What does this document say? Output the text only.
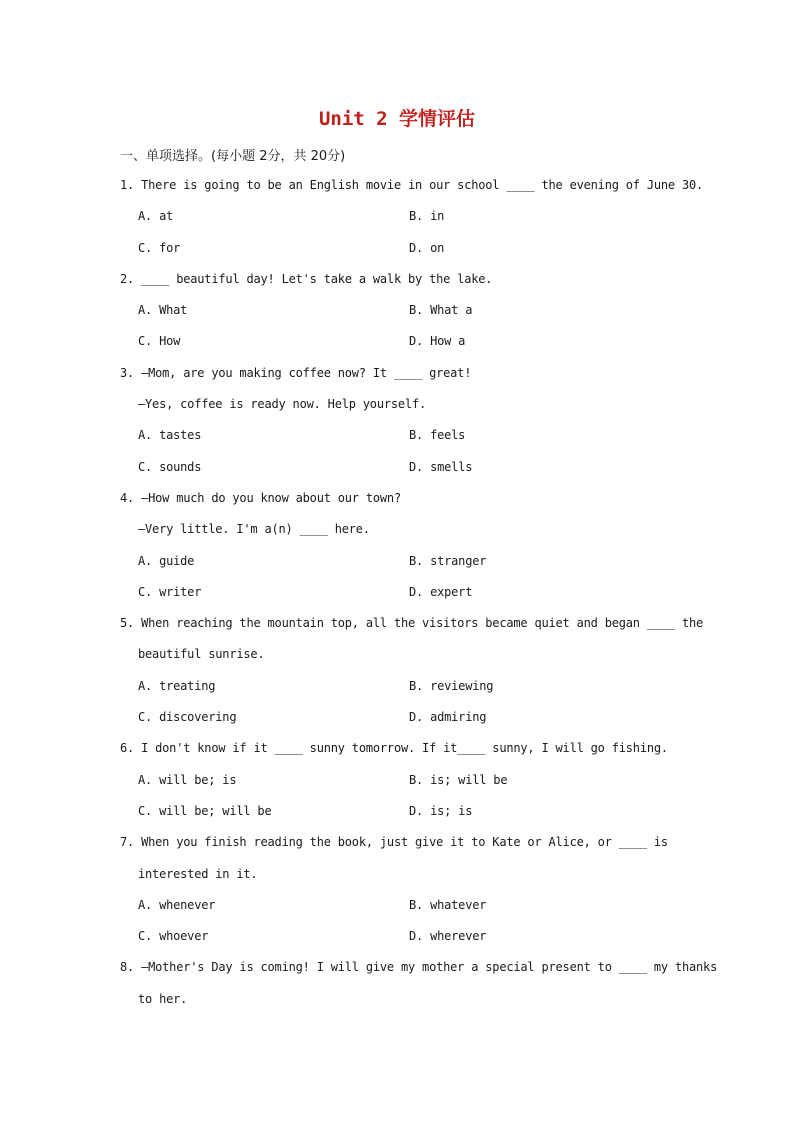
Unit 2 学情评估
一、单项选择。(每小题 2分，共 20分)
1. There is going to be an English movie in our school ____ the evening of June 30.
A. at	B. in
C. for	D. on
2. ____ beautiful day! Let's take a walk by the lake.
A. What	B. What a
C. How	D. How a
3. —Mom, are you making coffee now? It ____ great!
—Yes, coffee is ready now. Help yourself.
A. tastes	B. feels
C. sounds	D. smells
4. —How much do you know about our town?
—Very little. I'm a(n) ____ here.
A. guide	B. stranger
C. writer	D. expert
5. When reaching the mountain top, all the visitors became quiet and began ____ the
beautiful sunrise.
A. treating	B. reviewing
C. discovering	D. admiring
6. I don't know if it ____ sunny tomorrow. If it____ sunny, I will go fishing.
A. will be; is	B. is; will be
C. will be; will be	D. is; is
7. When you finish reading the book, just give it to Kate or Alice, or ____ is
interested in it.
A. whenever	B. whatever
C. whoever	D. wherever
8. —Mother's Day is coming! I will give my mother a special present to ____ my thanks
to her.
